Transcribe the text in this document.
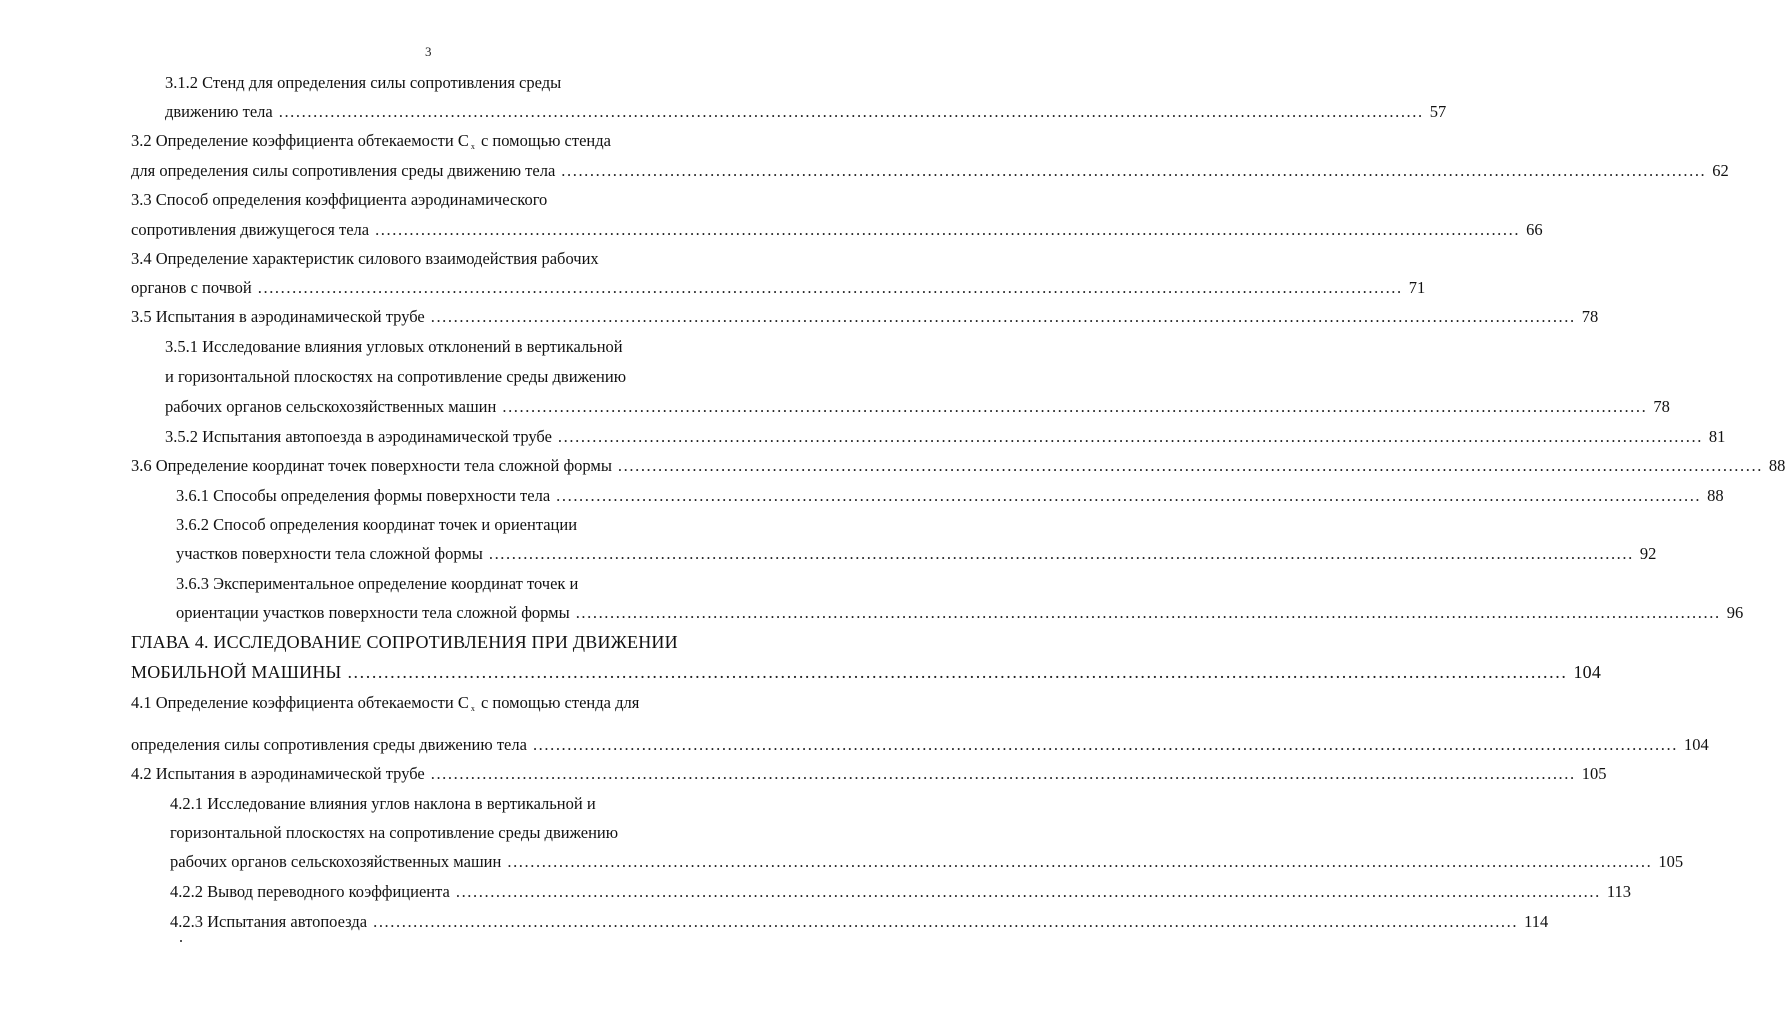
3
3.1.2 Стенд для определения силы сопротивления среды
движению тела ........................................................................................................................................................................................................ 57
3.2 Определение коэффициента обтекаемости С х с помощью стенда
для определения силы сопротивления среды движению тела ........................................................................................................................................................................................................ 62
3.3 Способ определения коэффициента аэродинамического
сопротивления движущегося тела ........................................................................................................................................................................................................ 66
3.4 Определение характеристик силового взаимодействия рабочих
органов с почвой ........................................................................................................................................................................................................ 71
3.5 Испытания в аэродинамической трубе ........................................................................................................................................................................................................ 78
3.5.1 Исследование влияния угловых отклонений в вертикальной
и горизонтальной плоскостях на сопротивление среды движению
рабочих органов сельскохозяйственных машин ........................................................................................................................................................................................................ 78
3.5.2 Испытания автопоезда в аэродинамической трубе ........................................................................................................................................................................................................ 81
3.6 Определение координат точек поверхности тела сложной формы ........................................................................................................................................................................................................ 88
3.6.1 Способы определения формы поверхности тела ........................................................................................................................................................................................................ 88
3.6.2 Способ определения координат точек и ориентации
участков поверхности тела сложной формы ........................................................................................................................................................................................................ 92
3.6.3 Экспериментальное определение координат точек и
ориентации участков поверхности тела сложной формы ........................................................................................................................................................................................................ 96
ГЛАВА 4. ИССЛЕДОВАНИЕ СОПРОТИВЛЕНИЯ ПРИ ДВИЖЕНИИ
МОБИЛЬНОЙ МАШИНЫ ........................................................................................................................................................................................................ 104
4.1 Определение коэффициента обтекаемости С х с помощью стенда для
определения силы сопротивления среды движению тела ........................................................................................................................................................................................................ 104
4.2 Испытания в аэродинамической трубе ........................................................................................................................................................................................................ 105
4.2.1 Исследование влияния углов наклона в вертикальной и
горизонтальной плоскостях на сопротивление среды движению
рабочих органов сельскохозяйственных машин ........................................................................................................................................................................................................ 105
4.2.2 Вывод переводного коэффициента ........................................................................................................................................................................................................ 113
4.2.3 Испытания автопоезда ........................................................................................................................................................................................................ 114
